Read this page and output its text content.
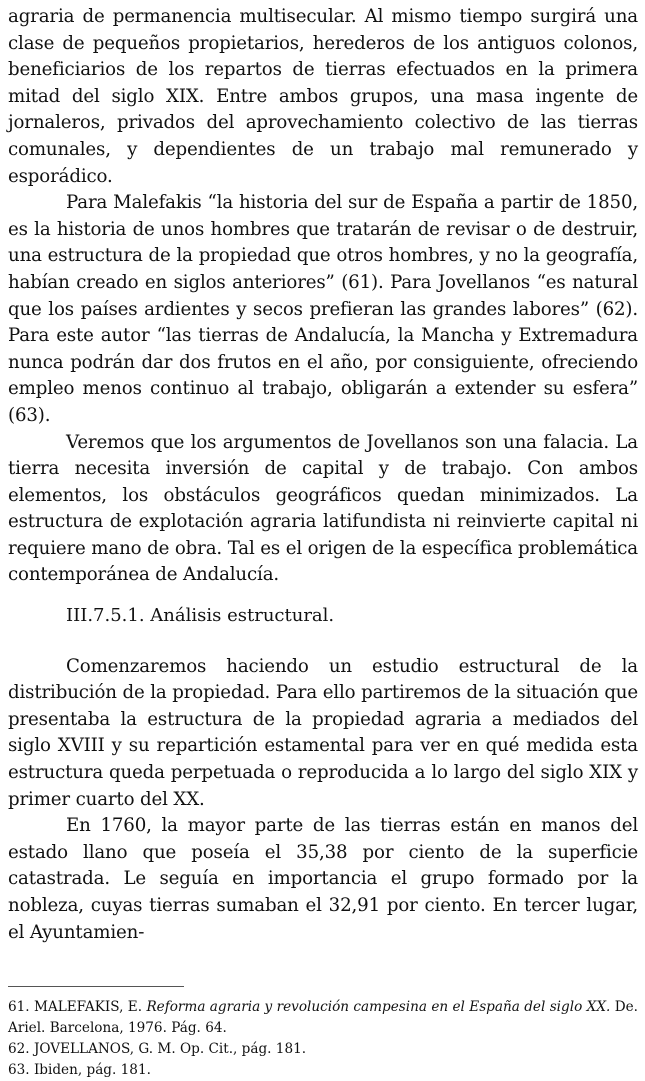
agraria de permanencia multisecular. Al mismo tiempo surgirá una clase de pequeños propietarios, herederos de los antiguos colonos, beneficiarios de los repartos de tierras efectuados en la primera mitad del siglo XIX. Entre ambos grupos, una masa ingente de jornaleros, privados del aprovechamiento colectivo de las tierras comunales, y dependientes de un trabajo mal remunerado y esporádico.

Para Malefakis “la historia del sur de España a partir de 1850, es la historia de unos hombres que tratarán de revisar o de destruir, una estructura de la propiedad que otros hombres, y no la geografía, habían creado en siglos anteriores” (61). Para Jovellanos “es natural que los países ardientes y secos prefieran las grandes labores” (62). Para este autor “las tierras de Andalucía, la Mancha y Extremadura nunca podrán dar dos frutos en el año, por consiguiente, ofreciendo empleo menos continuo al trabajo, obligarán a extender su esfera” (63).

Veremos que los argumentos de Jovellanos son una falacia. La tierra necesita inversión de capital y de trabajo. Con ambos elementos, los obstáculos geográficos quedan minimizados. La estructura de explotación agraria latifundista ni reinvierte capital ni requiere mano de obra. Tal es el origen de la específica problemática contemporánea de Andalucía.

III.7.5.1. Análisis estructural.

Comenzaremos haciendo un estudio estructural de la distribución de la propiedad. Para ello partiremos de la situación que presentaba la estructura de la propiedad agraria a mediados del siglo XVIII y su repartición estamental para ver en qué medida esta estructura queda perpetuada o reproducida a lo largo del siglo XIX y primer cuarto del XX.

En 1760, la mayor parte de las tierras están en manos del estado llano que poseía el 35,38 por ciento de la superficie catastrada. Le seguía en importancia el grupo formado por la nobleza, cuyas tierras sumaban el 32,91 por ciento. En tercer lugar, el Ayuntamien-

61. MALEFAKIS, E. Reforma agraria y revolución campesina en el España del siglo XX. De. Ariel. Barcelona, 1976. Pág. 64.

62. JOVELLANOS, G. M. Op. Cit., pág. 181.

63. Ibiden, pág. 181.
